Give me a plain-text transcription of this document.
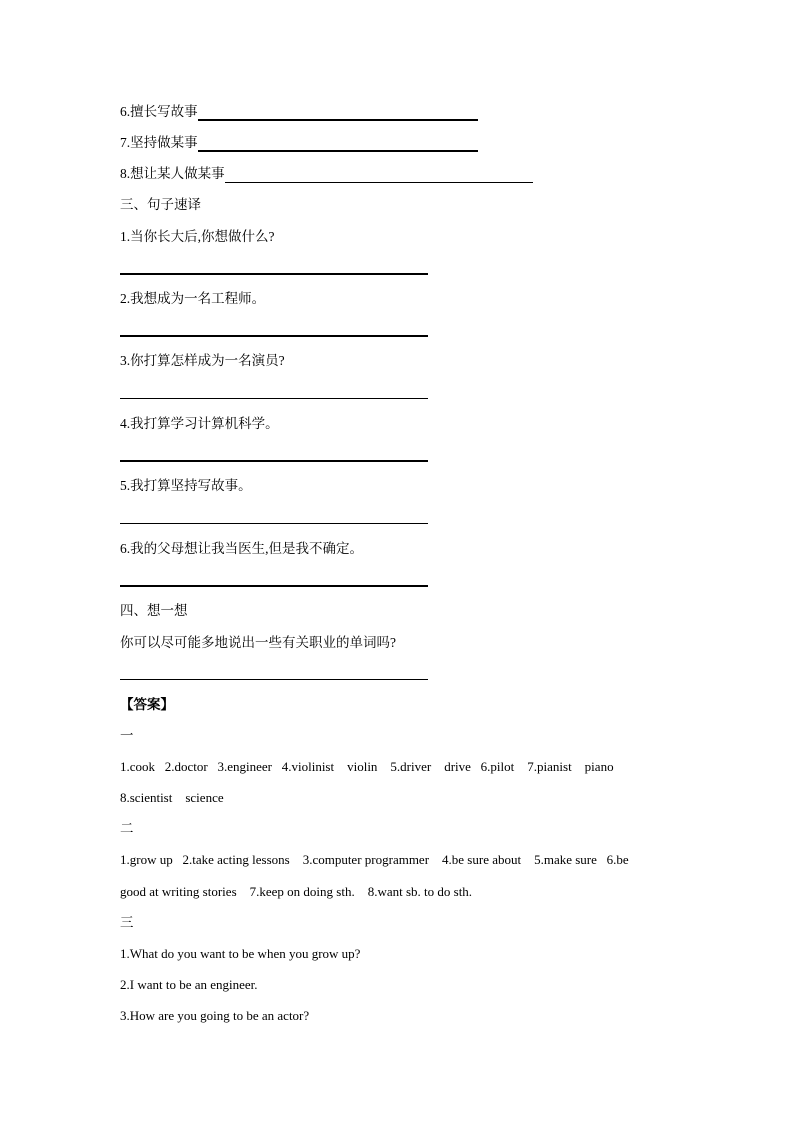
6.擅长写故事
7.坚持做某事
8.想让某人做某事
三、句子速译
1.当你长大后,你想做什么?
2.我想成为一名工程师。
3.你打算怎样成为一名演员?
4.我打算学习计算机科学。
5.我打算坚持写故事。
6.我的父母想让我当医生,但是我不确定。
四、想一想
你可以尽可能多地说出一些有关职业的单词吗?
【答案】
一
1.cook   2.doctor   3.engineer   4.violinist    violin    5.driver    drive   6.pilot    7.pianist    piano
8.scientist    science
二
1.grow up   2.take acting lessons    3.computer programmer    4.be sure about    5.make sure   6.be
good at writing stories    7.keep on doing sth.    8.want sb. to do sth.
三
1.What do you want to be when you grow up?
2.I want to be an engineer.
3.How are you going to be an actor?
